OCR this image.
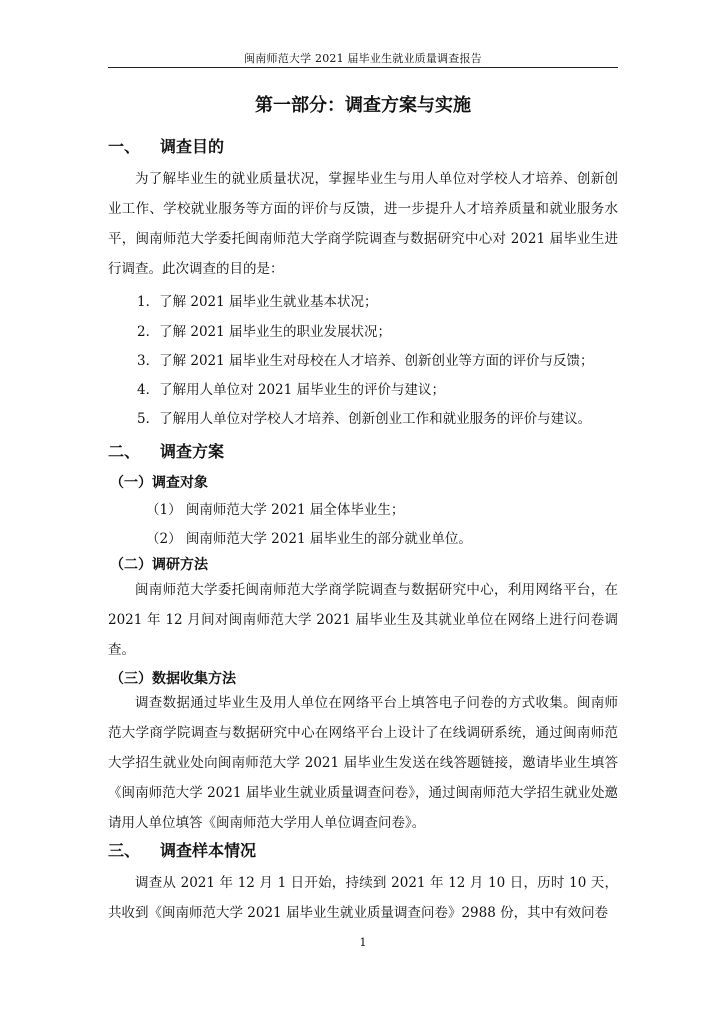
闽南师范大学 2021 届毕业生就业质量调查报告
第一部分：调查方案与实施
一、 调查目的

为了解毕业生的就业质量状况，掌握毕业生与用人单位对学校人才培养、创新创业工作、学校就业服务等方面的评价与反馈，进一步提升人才培养质量和就业服务水平，闽南师范大学委托闽南师范大学商学院调查与数据研究中心对 2021 届毕业生进行调查。此次调查的目的是：

1．了解 2021 届毕业生就业基本状况；
2．了解 2021 届毕业生的职业发展状况；
3．了解 2021 届毕业生对母校在人才培养、创新创业等方面的评价与反馈；
4．了解用人单位对 2021 届毕业生的评价与建议；
5．了解用人单位对学校人才培养、创新创业工作和就业服务的评价与建议。
二、 调查方案
（一）调查对象
（1） 闽南师范大学 2021 届全体毕业生；
（2） 闽南师范大学 2021 届毕业生的部分就业单位。
（二）调研方法

闽南师范大学委托闽南师范大学商学院调查与数据研究中心，利用网络平台，在 2021 年 12 月间对闽南师范大学 2021 届毕业生及其就业单位在网络上进行问卷调查。

（三）数据收集方法

调查数据通过毕业生及用人单位在网络平台上填答电子问卷的方式收集。闽南师范大学商学院调查与数据研究中心在网络平台上设计了在线调研系统，通过闽南师范大学招生就业处向闽南师范大学 2021 届毕业生发送在线答题链接，邀请毕业生填答《闽南师范大学 2021 届毕业生就业质量调查问卷》，通过闽南师范大学招生就业处邀请用人单位填答《闽南师范大学用人单位调查问卷》。

三、 调查样本情况

调查从 2021 年 12 月 1 日开始，持续到 2021 年 12 月 10 日，历时 10 天，共收到《闽南师范大学 2021 届毕业生就业质量调查问卷》2988 份，其中有效问卷

1
